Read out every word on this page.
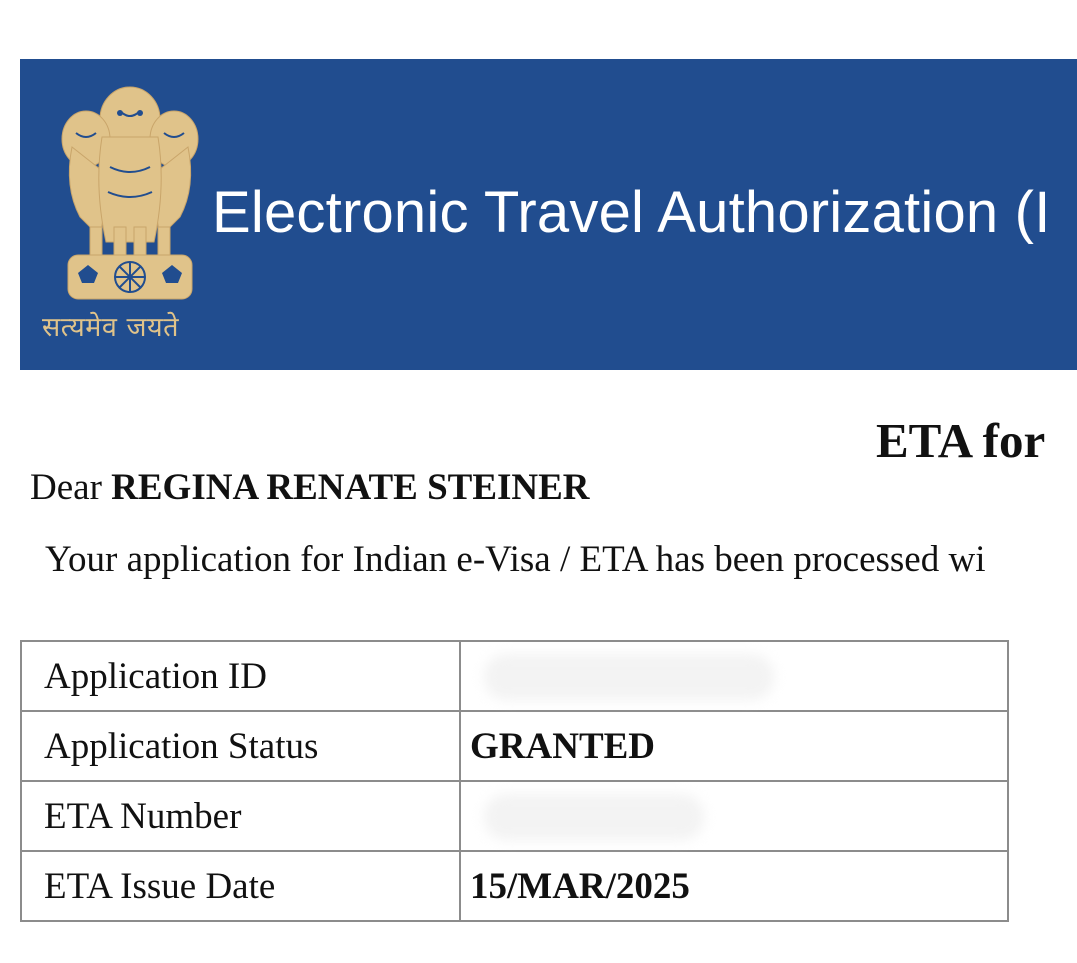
सत्यमेव जयते
Electronic Travel Authorization (I
ETA for

Dear REGINA RENATE STEINER

Your application for Indian e-Visa / ETA has been processed wi

Application ID	
Application Status	GRANTED
ETA Number	
ETA Issue Date	15/MAR/2025
